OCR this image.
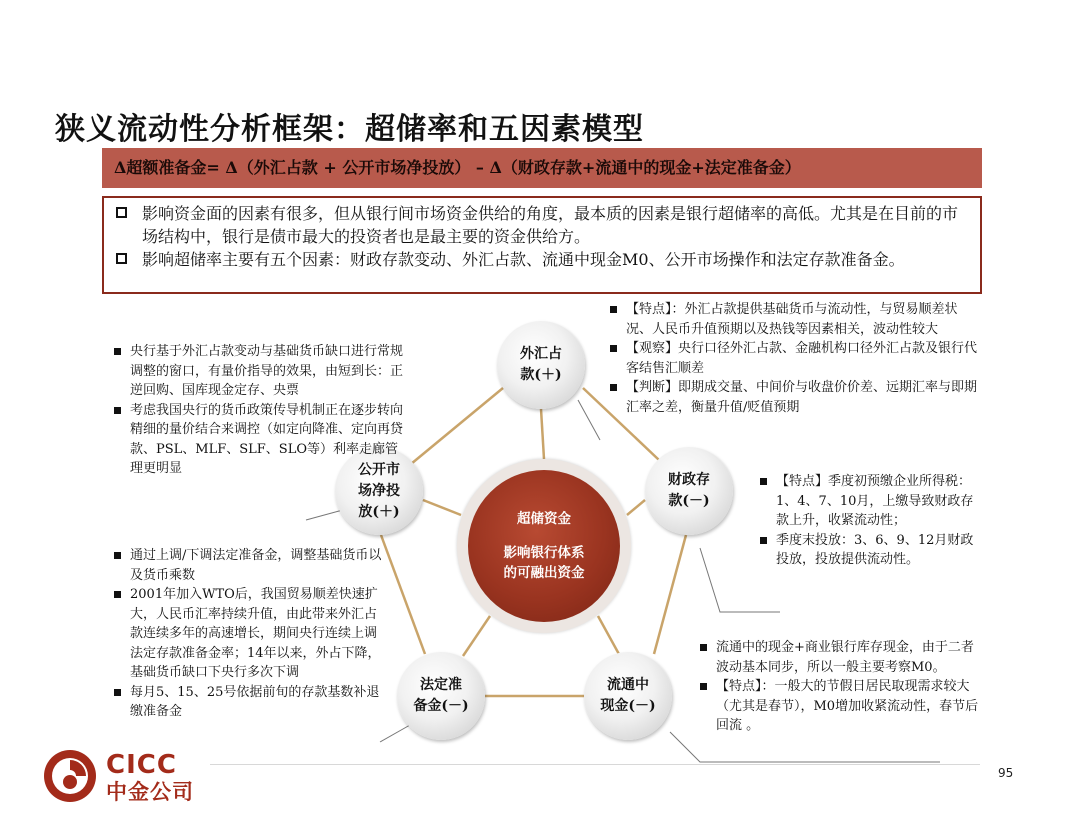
狭义流动性分析框架：超储率和五因素模型
Δ超额准备金= Δ（外汇占款 + 公开市场净投放） – Δ（财政存款+流通中的现金+法定准备金）
影响资金面的因素有很多，但从银行间市场资金供给的角度，最本质的因素是银行超储率的高低。尤其是在目前的市场结构中，银行是债市最大的投资者也是最主要的资金供给方。
影响超储率主要有五个因素：财政存款变动、外汇占款、流通中现金M0、公开市场操作和法定存款准备金。
超储资金
影响银行体系
的可融出资金
外汇占
款(＋)
财政存
款(－)
流通中
现金(－)
法定准
备金(－)
公开市
场净投
放(＋)
央行基于外汇占款变动与基础货币缺口进行常规调整的窗口，有量价指导的效果，由短到长：正逆回购、国库现金定存、央票
考虑我国央行的货币政策传导机制正在逐步转向精细的量价结合来调控（如定向降准、定向再贷款、PSL、MLF、SLF、SLO等）利率走廊管理更明显
通过上调/下调法定准备金，调整基础货币以及货币乘数
2001年加入WTO后，我国贸易顺差快速扩大，人民币汇率持续升值，由此带来外汇占款连续多年的高速增长，期间央行连续上调法定存款准备金率；14年以来，外占下降，基础货币缺口下央行多次下调
每月5、15、25号依据前旬的存款基数补退缴准备金
【特点】：外汇占款提供基础货币与流动性，与贸易顺差状况、人民币升值预期以及热钱等因素相关，波动性较大
【观察】央行口径外汇占款、金融机构口径外汇占款及银行代客结售汇顺差
【判断】即期成交量、中间价与收盘价价差、远期汇率与即期汇率之差，衡量升值/贬值预期
【特点】季度初预缴企业所得税：1、4、7、10月，上缴导致财政存款上升，收紧流动性；
季度末投放：3、6、9、12月财政投放，投放提供流动性。
流通中的现金+商业银行库存现金，由于二者波动基本同步，所以一般主要考察M0。
【特点】：一般大的节假日居民取现需求较大（尤其是春节），M0增加收紧流动性，春节后回流 。
CICC
中金公司
95
